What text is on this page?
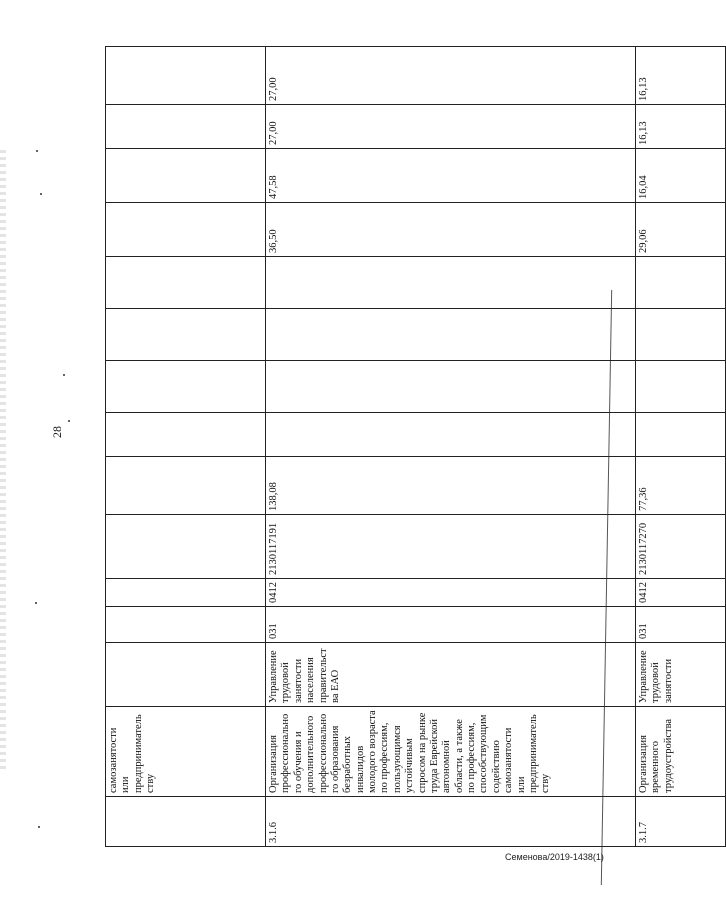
28
	самозанятости или предпринимательству													
3.1.6	Организация профессионального обучения и дополнительного профессионального образования безработных инвалидов молодого возраста по профессиям, пользующимся устойчивым спросом на рынке труда Еврейской автономной области, а также по профессиям, способствующим содействию самозанятости или предпринимательству	Управление трудовой занятости населения правительства ЕАО	031	0412	2130117191	138,08					36,50	47,58	27,00	27,00
3.1.7	Организация временного трудоустройства	Управление трудовой занятости	031	0412	2130117270	77,36					29,06	16,04	16,13	16,13
Семенова/2019-1438(1)
